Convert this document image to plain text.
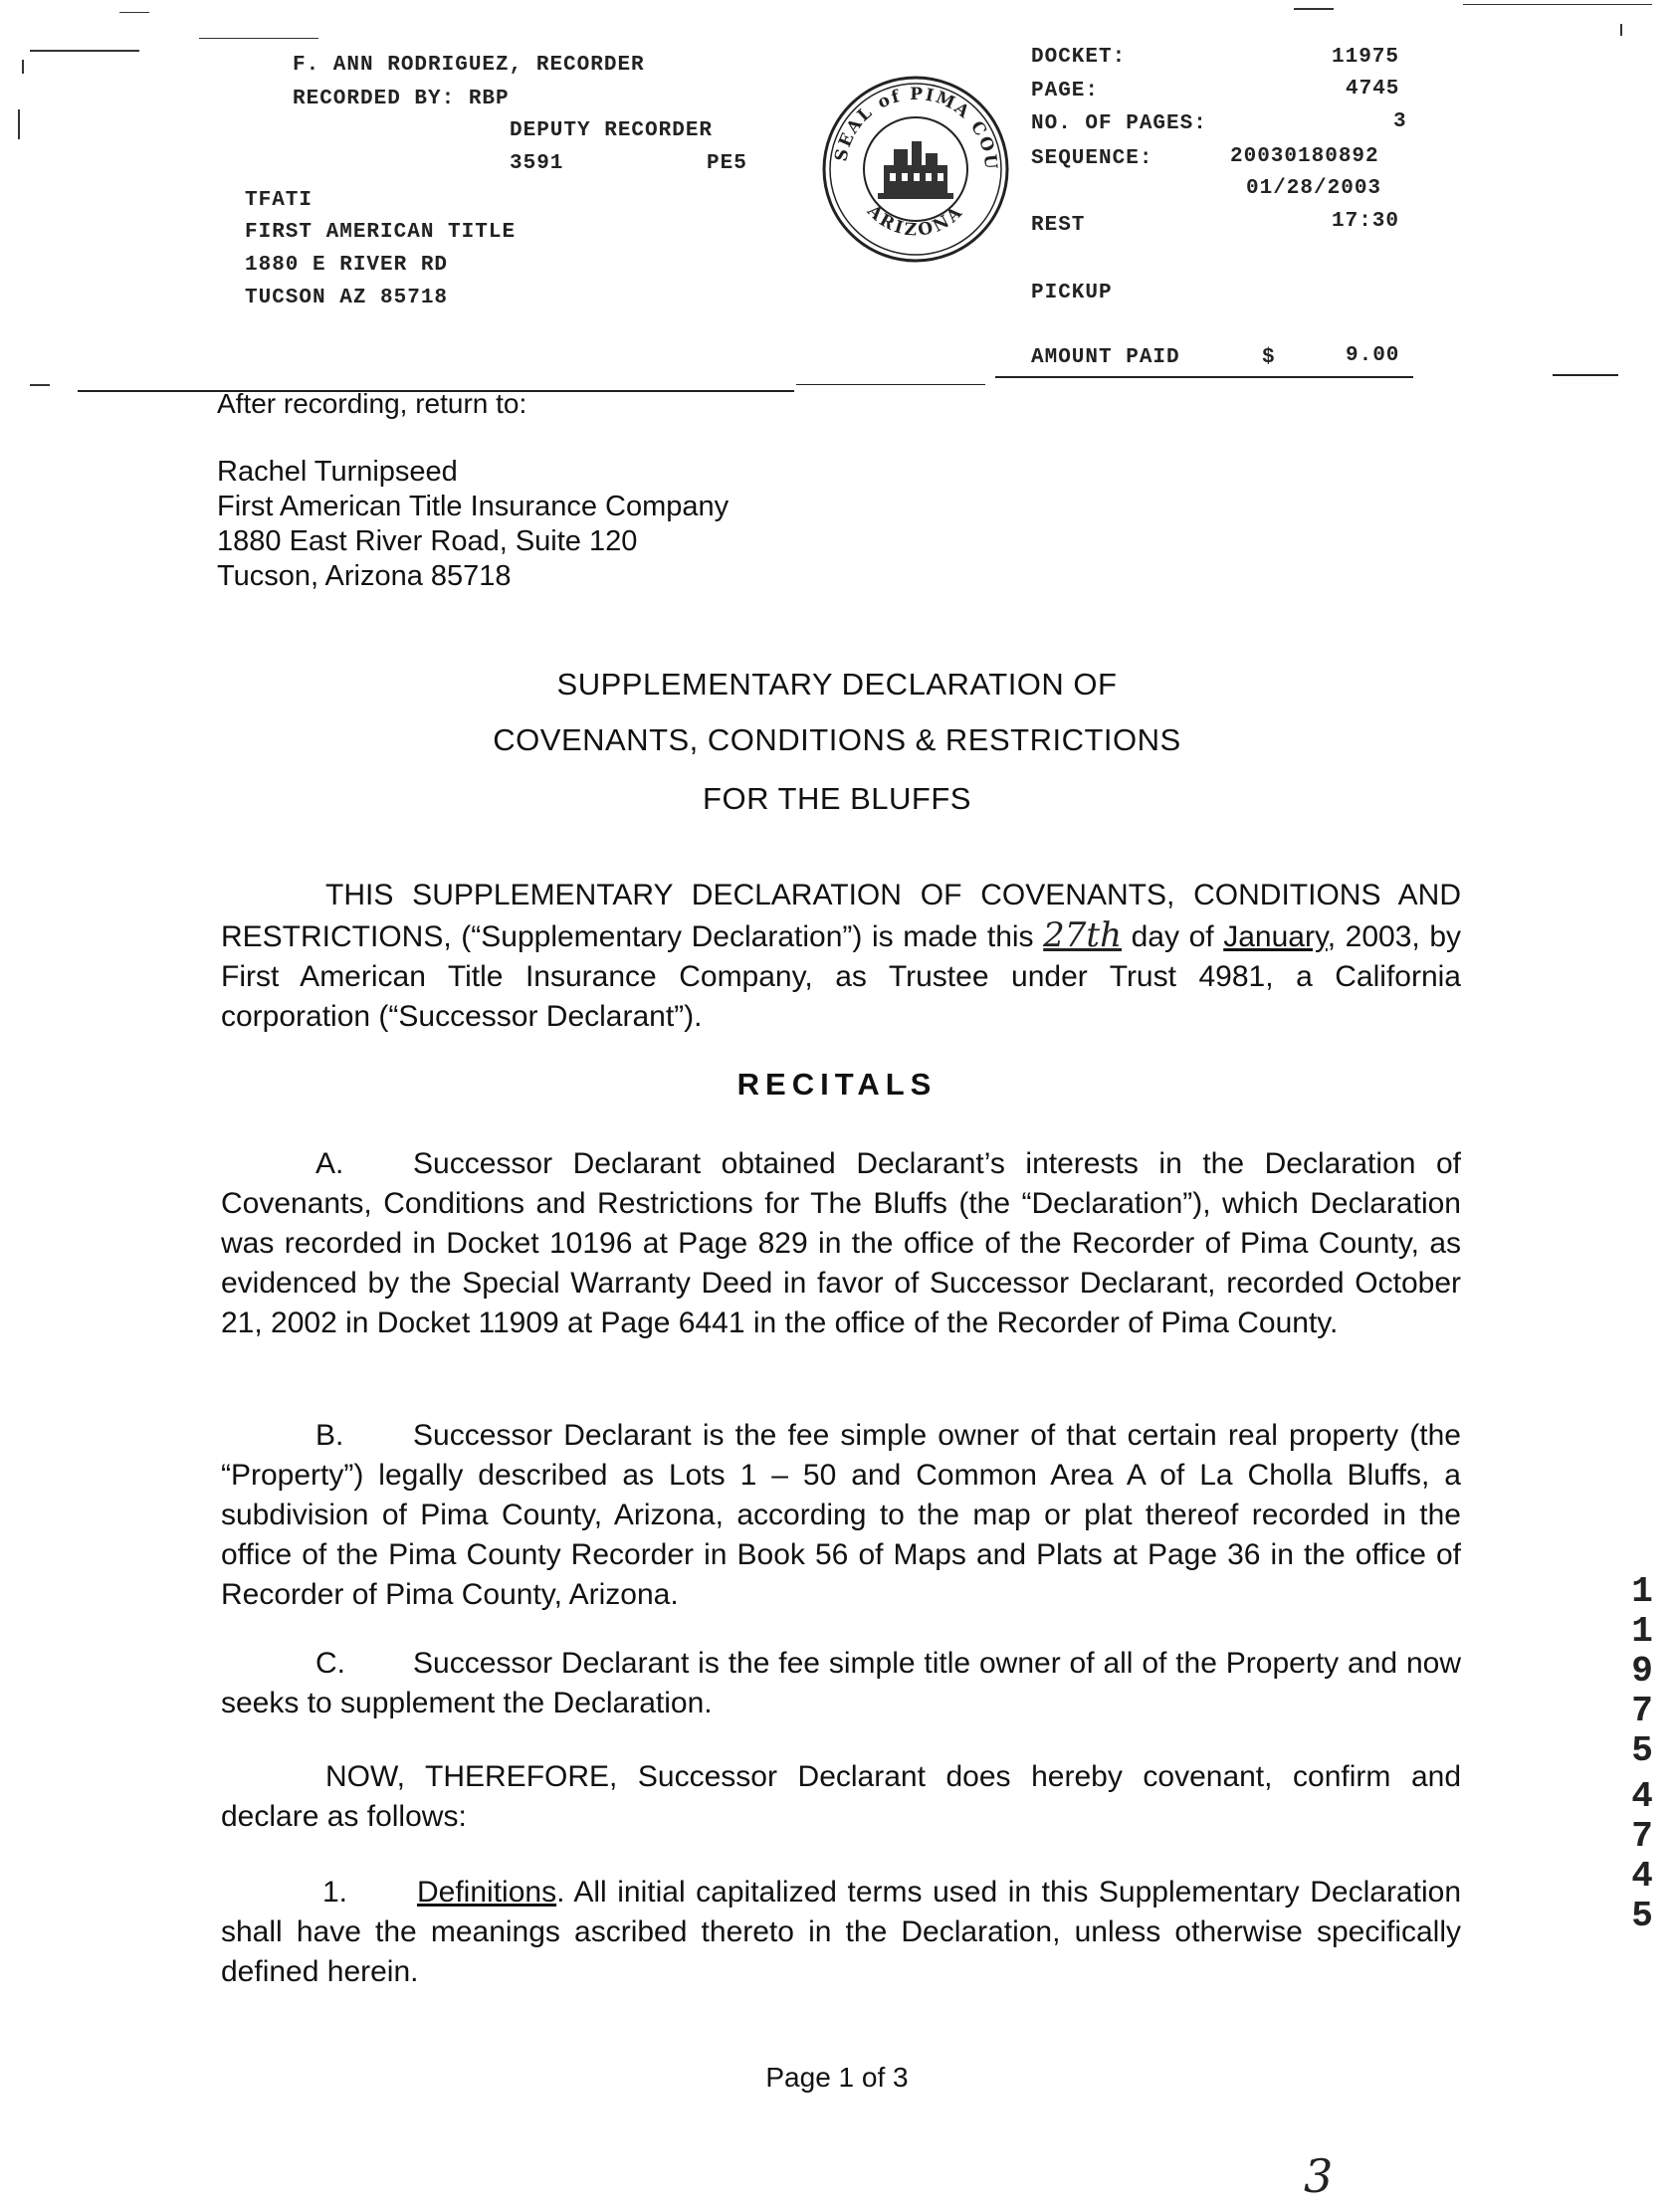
F. ANN RODRIGUEZ, RECORDER
RECORDED BY: RBP
DEPUTY RECORDER
3591	PE5
TFATI
FIRST AMERICAN TITLE
1880 E RIVER RD
TUCSON AZ 85718
SEAL of PIMA COU
ARIZONA
DOCKET:	11975
PAGE:	4745
NO. OF PAGES:	3
SEQUENCE:	20030180892
01/28/2003
REST	17:30
PICKUP
AMOUNT PAID	$	9.00
After recording, return to:
Rachel Turnipseed
First American Title Insurance Company
1880 East River Road, Suite 120
Tucson, Arizona 85718
SUPPLEMENTARY DECLARATION OF
COVENANTS, CONDITIONS & RESTRICTIONS
FOR THE BLUFFS
THIS SUPPLEMENTARY DECLARATION OF COVENANTS, CONDITIONS AND RESTRICTIONS, (“Supplementary Declaration”) is made this 27th day of January, 2003, by First American Title Insurance Company, as Trustee under Trust 4981, a California corporation (“Successor Declarant”).
RECITALS
A. Successor Declarant obtained Declarant’s interests in the Declaration of Covenants, Conditions and Restrictions for The Bluffs (the “Declaration”), which Declaration was recorded in Docket 10196 at Page 829 in the office of the Recorder of Pima County, as evidenced by the Special Warranty Deed in favor of Successor Declarant, recorded October 21, 2002 in Docket 11909 at Page 6441 in the office of the Recorder of Pima County.
B. Successor Declarant is the fee simple owner of that certain real property (the “Property”) legally described as Lots 1 – 50 and Common Area A of La Cholla Bluffs, a subdivision of Pima County, Arizona, according to the map or plat thereof recorded in the office of the Pima County Recorder in Book 56 of Maps and Plats at Page 36 in the office of Recorder of Pima County, Arizona.
C. Successor Declarant is the fee simple title owner of all of the Property and now seeks to supplement the Declaration.
NOW, THEREFORE, Successor Declarant does hereby covenant, confirm and declare as follows:
1. Definitions. All initial capitalized terms used in this Supplementary Declaration shall have the meanings ascribed thereto in the Declaration, unless otherwise specifically defined herein.
Page 1 of 3
3
1
1
9
7
5
4
7
4
5
